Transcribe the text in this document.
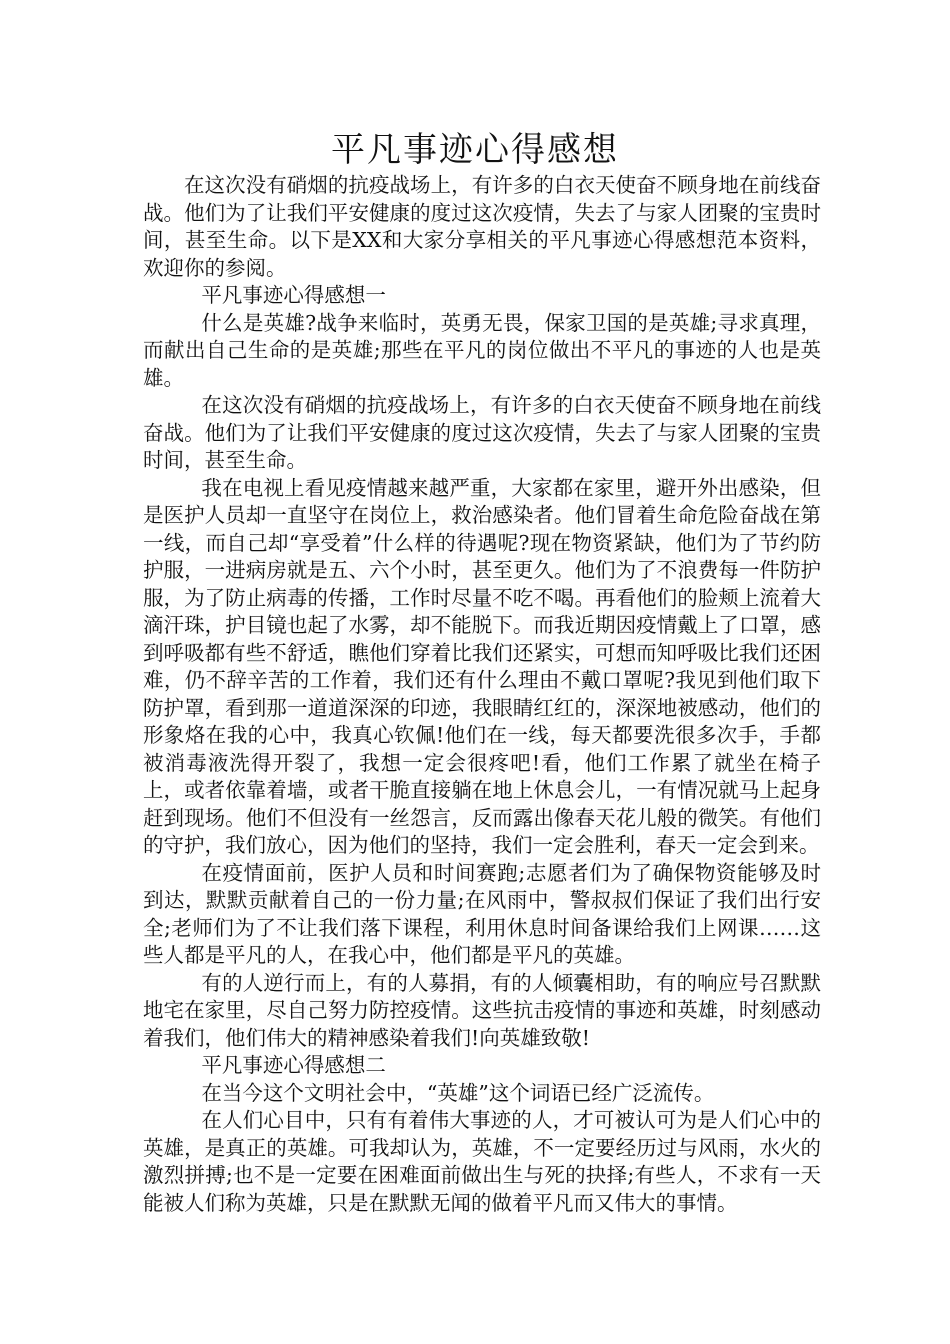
平凡事迹心得感想

在这次没有硝烟的抗疫战场上，有许多的白衣天使奋不顾身地在前线奋战。他们为了让我们平安健康的度过这次疫情，失去了与家人团聚的宝贵时间，甚至生命。以下是XX和大家分享相关的平凡事迹心得感想范本资料，欢迎你的参阅。

平凡事迹心得感想一

什么是英雄?战争来临时，英勇无畏，保家卫国的是英雄;寻求真理，而献出自己生命的是英雄;那些在平凡的岗位做出不平凡的事迹的人也是英雄。

在这次没有硝烟的抗疫战场上，有许多的白衣天使奋不顾身地在前线奋战。他们为了让我们平安健康的度过这次疫情，失去了与家人团聚的宝贵时间，甚至生命。

我在电视上看见疫情越来越严重，大家都在家里，避开外出感染，但是医护人员却一直坚守在岗位上，救治感染者。他们冒着生命危险奋战在第一线，而自己却“享受着”什么样的待遇呢?现在物资紧缺，他们为了节约防护服，一进病房就是五、六个小时，甚至更久。他们为了不浪费每一件防护服，为了防止病毒的传播，工作时尽量不吃不喝。再看他们的脸颊上流着大滴汗珠，护目镜也起了水雾，却不能脱下。而我近期因疫情戴上了口罩，感到呼吸都有些不舒适，瞧他们穿着比我们还紧实，可想而知呼吸比我们还困难，仍不辞辛苦的工作着，我们还有什么理由不戴口罩呢?我见到他们取下防护罩，看到那一道道深深的印迹，我眼睛红红的，深深地被感动，他们的形象烙在我的心中，我真心钦佩!他们在一线，每天都要洗很多次手，手都被消毒液洗得开裂了，我想一定会很疼吧!看，他们工作累了就坐在椅子上，或者依靠着墙，或者干脆直接躺在地上休息会儿，一有情况就马上起身赶到现场。他们不但没有一丝怨言，反而露出像春天花儿般的微笑。有他们的守护，我们放心，因为他们的坚持，我们一定会胜利，春天一定会到来。

在疫情面前，医护人员和时间赛跑;志愿者们为了确保物资能够及时到达，默默贡献着自己的一份力量;在风雨中，警叔叔们保证了我们出行安全;老师们为了不让我们落下课程，利用休息时间备课给我们上网课……这些人都是平凡的人，在我心中，他们都是平凡的英雄。

有的人逆行而上，有的人募捐，有的人倾囊相助，有的响应号召默默地宅在家里，尽自己努力防控疫情。这些抗击疫情的事迹和英雄，时刻感动着我们，他们伟大的精神感染着我们!向英雄致敬!

平凡事迹心得感想二

在当今这个文明社会中，“英雄”这个词语已经广泛流传。

在人们心目中，只有有着伟大事迹的人，才可被认可为是人们心中的英雄，是真正的英雄。可我却认为，英雄，不一定要经历过与风雨，水火的激烈拼搏;也不是一定要在困难面前做出生与死的抉择;有些人，不求有一天能被人们称为英雄，只是在默默无闻的做着平凡而又伟大的事情。
